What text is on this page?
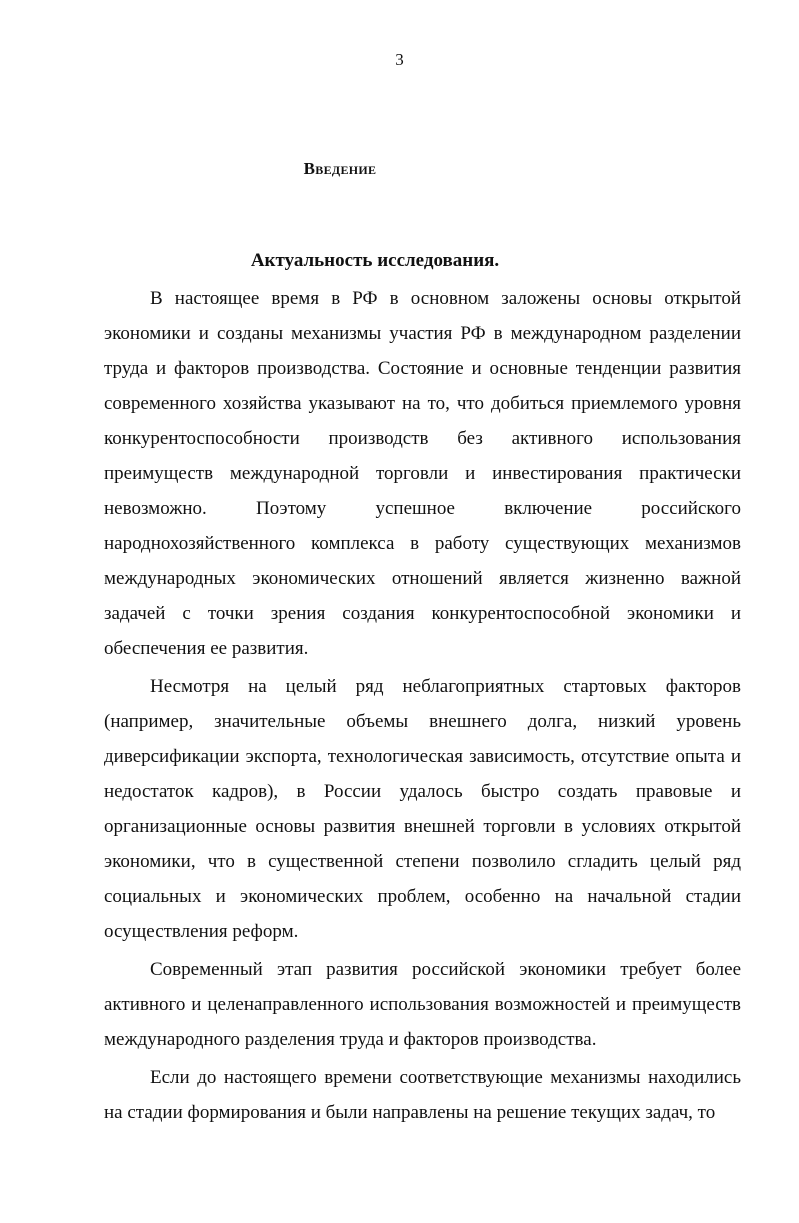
3
Введение
Актуальность исследования.

В настоящее время в РФ в основном заложены основы открытой экономики и созданы механизмы участия РФ в международном разделении труда и факторов производства. Состояние и основные тенденции развития современного хозяйства указывают на то, что добиться приемлемого уровня конкурентоспособности производств без активного использования преимуществ международной торговли и инвестирования практически невозможно. Поэтому успешное включение российского народнохозяйственного комплекса в работу существующих механизмов международных экономических отношений является жизненно важной задачей с точки зрения создания конкурентоспособной экономики и обеспечения ее развития.

Несмотря на целый ряд неблагоприятных стартовых факторов (например, значительные объемы внешнего долга, низкий уровень диверсификации экспорта, технологическая зависимость, отсутствие опыта и недостаток кадров), в России удалось быстро создать правовые и организационные основы развития внешней торговли в условиях открытой экономики, что в существенной степени позволило сгладить целый ряд социальных и экономических проблем, особенно на начальной стадии осуществления реформ.

Современный этап развития российской экономики требует более активного и целенаправленного использования возможностей и преимуществ международного разделения труда и факторов производства.

Если до настоящего времени соответствующие механизмы находились на стадии формирования и были направлены на решение текущих задач, то
